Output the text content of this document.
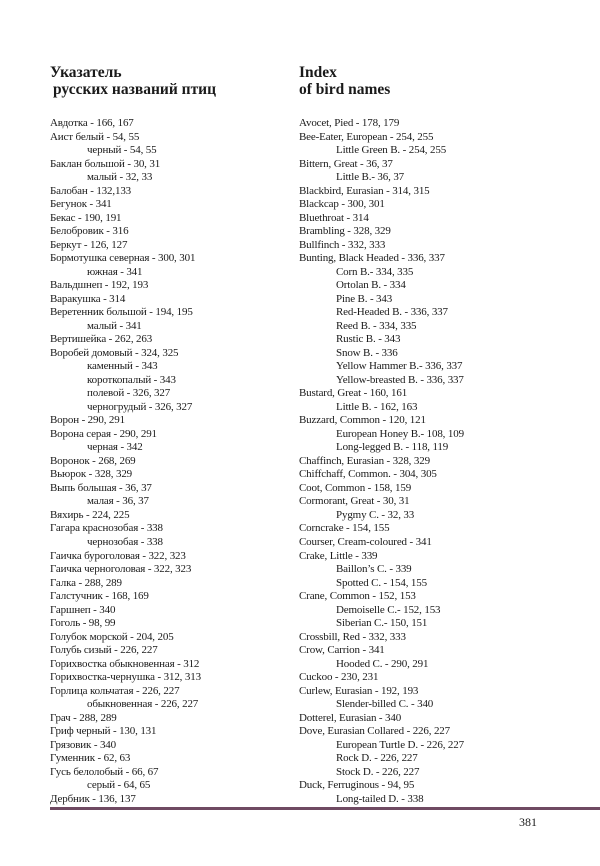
Указатель
русских названий птиц
Авдотка - 166, 167
Аист белый - 54, 55
черный - 54, 55
Баклан большой - 30, 31
малый - 32, 33
Балобан - 132,133
Бегунок - 341
Бекас - 190, 191
Белобровик - 316
Беркут - 126, 127
Бормотушка северная - 300, 301
южная - 341
Вальдшнеп - 192, 193
Варакушка - 314
Веретенник большой - 194, 195
малый - 341
Вертишейка - 262, 263
Воробей домовый - 324, 325
каменный - 343
короткопалый - 343
полевой - 326, 327
черногрудый - 326, 327
Ворон - 290, 291
Ворона серая - 290, 291
черная - 342
Воронок - 268, 269
Вьюрок - 328, 329
Выпь большая - 36, 37
малая - 36, 37
Вяхирь - 224, 225
Гагара краснозобая - 338
чернозобая - 338
Гаичка буроголовая - 322, 323
Гаичка черноголовая - 322, 323
Галка - 288, 289
Галстучник - 168, 169
Гаршнеп - 340
Гоголь - 98, 99
Голубок морской - 204, 205
Голубь сизый - 226, 227
Горихвостка обыкновенная - 312
Горихвостка-чернушка - 312, 313
Горлица кольчатая - 226, 227
обыкновенная - 226, 227
Грач - 288, 289
Гриф черный - 130, 131
Грязовик - 340
Гуменник - 62, 63
Гусь белолобый - 66, 67
серый - 64, 65
Дербник - 136, 137
Index
of bird names
Avocet, Pied - 178, 179
Bee-Eater, European - 254, 255
Little Green B. - 254, 255
Bittern, Great - 36, 37
Little B.- 36, 37
Blackbird, Eurasian - 314, 315
Blackcap - 300, 301
Bluethroat - 314
Brambling - 328, 329
Bullfinch - 332, 333
Bunting, Black Headed - 336, 337
Corn B.- 334, 335
Ortolan B. - 334
Pine B. - 343
Red-Headed B. - 336, 337
Reed B. - 334, 335
Rustic B. - 343
Snow B. - 336
Yellow Hammer B.- 336, 337
Yellow-breasted B. - 336, 337
Bustard, Great - 160, 161
Little B. - 162, 163
Buzzard, Common - 120, 121
European Honey B.- 108, 109
Long-legged B. - 118, 119
Chaffinch, Eurasian - 328, 329
Chiffchaff, Common. - 304, 305
Coot, Common - 158, 159
Cormorant, Great - 30, 31
Pygmy C. - 32, 33
Corncrake - 154, 155
Courser, Cream-coloured - 341
Crake, Little - 339
Baillon’s C. - 339
Spotted C. - 154, 155
Crane, Common - 152, 153
Demoiselle C.- 152, 153
Siberian C.- 150, 151
Crossbill, Red - 332, 333
Crow, Carrion - 341
Hooded C. - 290, 291
Cuckoo - 230, 231
Curlew, Eurasian - 192, 193
Slender-billed C. - 340
Dotterel, Eurasian - 340
Dove, Eurasian Collared - 226, 227
European Turtle D. - 226, 227
Rock D. - 226, 227
Stock D. - 226, 227
Duck, Ferruginous - 94, 95
Long-tailed D. - 338
381
